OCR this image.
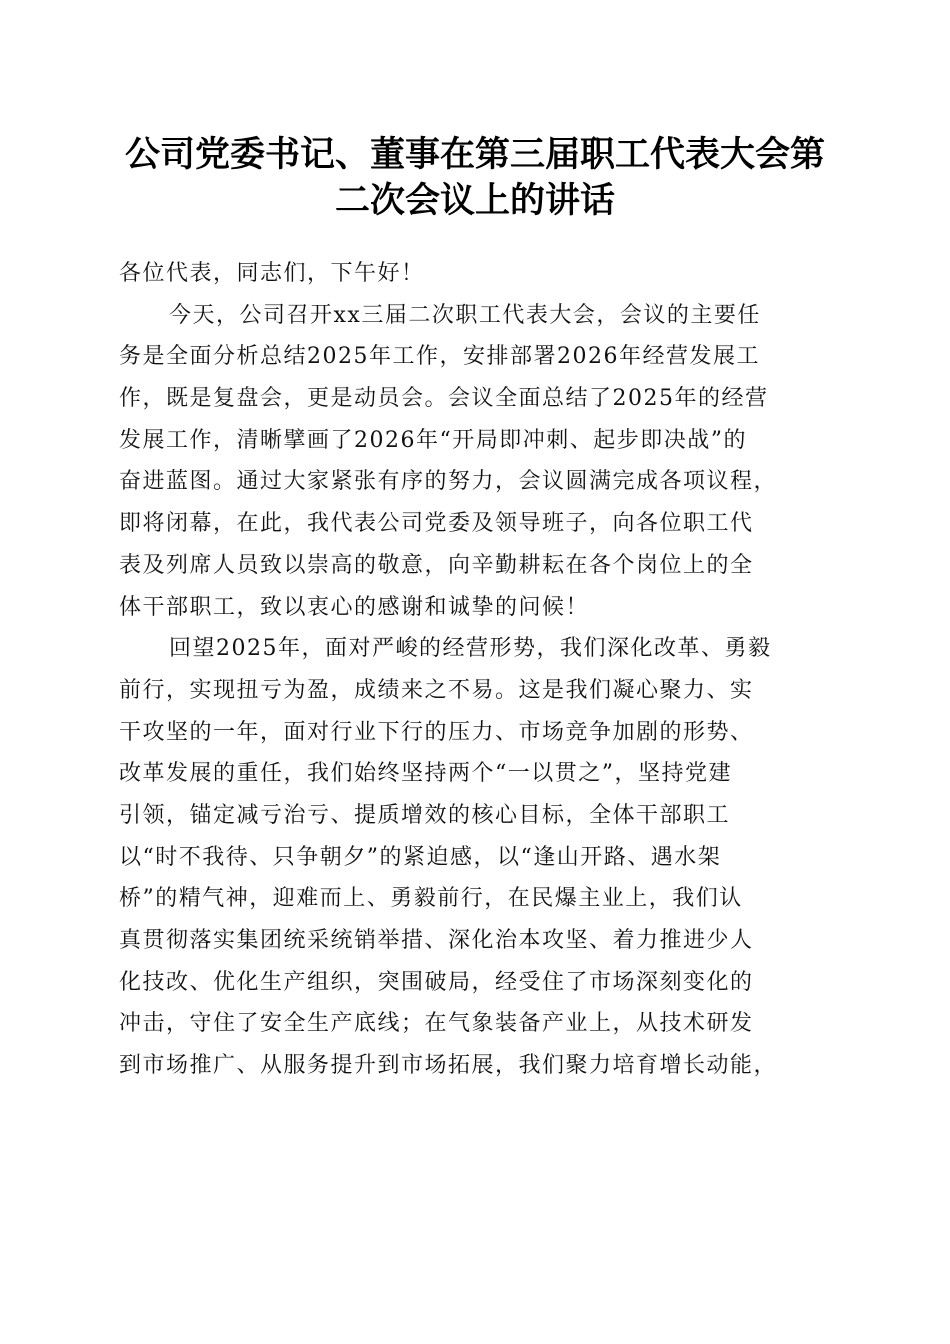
公司党委书记、董事在第三届职工代表大会第
二次会议上的讲话
各位代表，同志们，下午好！
今天，公司召开xx三届二次职工代表大会，会议的主要任
务是全面分析总结2025年工作，安排部署2026年经营发展工
作，既是复盘会，更是动员会。会议全面总结了2025年的经营
发展工作，清晰擘画了2026年“开局即冲刺、起步即决战”的
奋进蓝图。通过大家紧张有序的努力，会议圆满完成各项议程，
即将闭幕，在此，我代表公司党委及领导班子，向各位职工代
表及列席人员致以崇高的敬意，向辛勤耕耘在各个岗位上的全
体干部职工，致以衷心的感谢和诚挚的问候！
回望2025年，面对严峻的经营形势，我们深化改革、勇毅
前行，实现扭亏为盈，成绩来之不易。这是我们凝心聚力、实
干攻坚的一年，面对行业下行的压力、市场竞争加剧的形势、
改革发展的重任，我们始终坚持两个“一以贯之”，坚持党建
引领，锚定减亏治亏、提质增效的核心目标，全体干部职工
以“时不我待、只争朝夕”的紧迫感，以“逢山开路、遇水架
桥”的精气神，迎难而上、勇毅前行，在民爆主业上，我们认
真贯彻落实集团统采统销举措、深化治本攻坚、着力推进少人
化技改、优化生产组织，突围破局，经受住了市场深刻变化的
冲击，守住了安全生产底线；在气象装备产业上，从技术研发
到市场推广、从服务提升到市场拓展，我们聚力培育增长动能，
